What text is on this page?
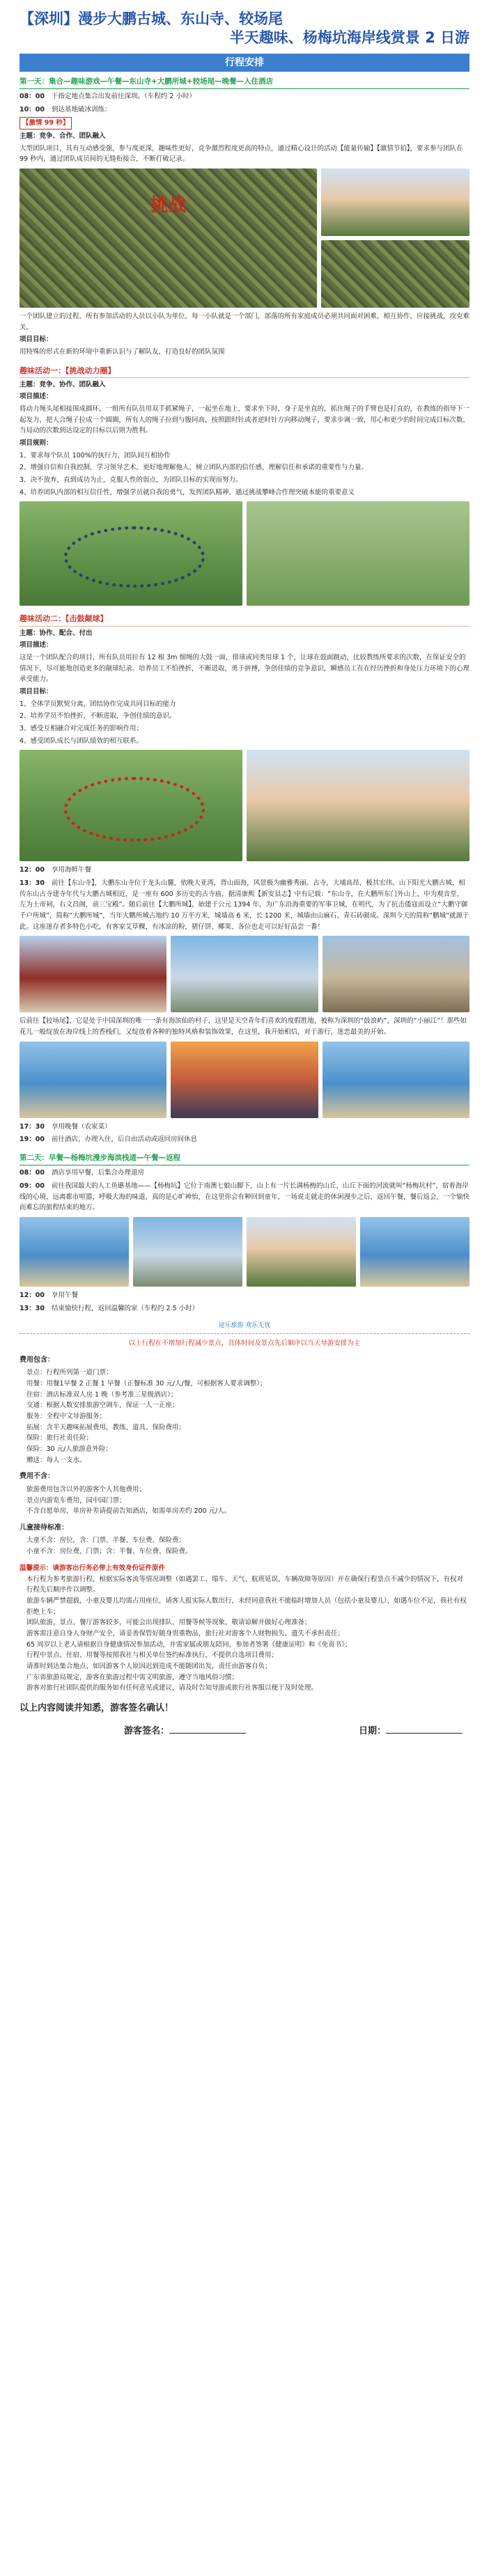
【深圳】漫步大鹏古城、东山寺、较场尾
半天趣味、杨梅坑海岸线赏景 2 日游
行程安排
第一天：集合—趣味游戏—午餐—东山寺+大鹏所城+较场尾—晚餐—入住酒店
08：00 于指定地点集合出发前往深圳。（车程约 2 小时）
10：00 到达基地破冰训练：
【激情 99 秒】

主题：竞争、合作、团队融入

大型团队项目，具有互动感受强，参与度更深，趣味性更好，竞争激烈程度更高的特点，通过精心设计的活动【能量传输】【激情节拍】，要求参与团队在 99 秒内，通过团队成员间的无缝衔接合，不断打破记录。

挑战

一个团队建立的过程，所有参加活动的人员以小队为单位，每一小队就是一个部门，部落的所有家庭成员必须共同面对困难，相互协作，应接挑战，攻克难关。

项目目标：

用特殊的形式在新的环境中重新认识与了解队友，打造良好的团队氛围

趣味活动一：【挑战动力圈】

主题：竞争、协作、团队融入

项目描述：

将动力绳头尾相接围成圆环，一组所有队员用双手抓紧绳子，一起坐在地上，要求坐下时，身子是坐直的，抓住绳子的手臂也是打直的，在教练的指导下一起发力，把人合绳子拉成一个圆圈，所有人的绳子拉到与腹同高，按照跟时针或者逆时针方向移动绳子，要求步调一致，用心和更少的时间完成目标次数，当局动的次数到达设定的目标以后则为胜利。

项目规则：

1、要求每个队员 100%的执行力，团队间互相协作

2、增强自信和自我控制，学习领导艺术，更好地理解他人，树立团队内部的信任感，理解信任和承诺的重要性与力量。

3、决不放弃，直到成功为止，克服人性的弱点，为团队目标的实现而努力。

4、培养团队内部的相互信任性，增强学员就自我的勇气，发挥团队精神，通过挑战攀峰合作理突破本能的重要意义

趣味活动二：【击鼓颠球】

主题：协作、配合、付出

项目描述：

这是一个团队配合的项目，所有队员用拉有 12 根 3m 细绳的大鼓一面，排球或同类用球 1 个，让球在鼓面跳动，比较教练所要求的次数，在保证安全的情况下，尽可能地创造更多的颠球纪录。培养员工不怕挫折，不断进取，勇于拼搏，争创佳绩的竞争意识，瞬感员工在在经历挫折和身处压力环境下的心理承受能力。

项目目标：

1、全体学员默契分离，团结协作完成共同目标的能力

2、培养学员不怕挫折，不断进取，争创佳绩的意识。

3、感受互相融合对完成任务的影响作用；

4、感受团队成长与团队绩效的相互联系。

12：00 享用海鲜午餐
13：30 前往【东山寺】，大鹏东山寺位于龙头山麓，依晚大亚湾，背山面海，风景极为幽雅秀丽。古寺，大埔高昂，极其宏伟。山下阳光大鹏古城，相传东山古寺建寺年代与大鹏古城相近，是一座有 600 多历史的古寺庙，据清康熙【新安县志】中有记载：“东山寺，在大鹏所东门外山上，中为观音堂，左为土帝祠，右文昌阁，前三宝殿”。随后前往【大鹏所城】，始建于公元 1394 年，为广东沿海重要的军事卫城，在明代，为了抗击倭寇而设立“大鹏守御千户所城”，简称“大鹏所城”，当年大鹏所城占地约 10 万平方米，城墙高 6 米，长 1200 米，城墙由山麻石、青石砖砌成。深圳今天的简称“鹏城”就源于此。这座迷存者多特色小吃，有客家艾草粿，有冰凉的粉，猪仔饼、椰果、各位也走可以好好品尝一番！

后前往【较场尾】，它是处于中国深圳的唯一一条有海滨仙的村子，这里是天空青年们喜欢的度假胜地，被称为深圳的“鼓浪屿”，深圳的“小丽江”！那些如花儿一般绽放在海岸线上的香栈们，又绽放着各种的独特风格和装饰效果，在这里，我开始相信，对于游行，迷恋最美的开始。

17：30 享用晚餐（农家菜）
19：00 前往酒店，办理入住，后自由活动或返回房间休息
第二天：早餐—杨梅坑漫步海滨栈道—午餐—返程
08：00 酒店享用早餐，后集合办理退房
09：00 前往我国最大的人工鱼礁基地——【杨梅坑】它位于南澳七娘山脚下，山上有一片长满杨梅的山丘，山丘下面的河流就叫“杨梅坑村”，宿着海岸线的心境，远离都市喧嚣，呼吸大海的味道，真的是心旷神怡，在这里你会有种回到童年，一场说走就走的休闲漫步之后，返回午餐，餐后返会，一个愉快而难忘的旅程结束的地方。
12：00 享用午餐
13：30 结束愉快行程，返回温馨的家（车程约 2.5 小时）
途乐旅游 欢乐无忧
以上行程在不增加行程减少景点，具体时间及景点先后顺序以当天导游安排为主
费用包含：
景点：行程所列第一道门票；
用餐：用餐1早餐 2 正餐 1 早餐（正餐标准 30 元/人/餐，可根据客人要求调整）；
住宿：酒店标准双人房 1 晚（参考准三星级酒店）；
交通：根据人数安排旅游空调车，保证一人一正座；
服务：全程中文导游服务；
拓展：含半天趣味拓展费用，教练、道具、保险费用；
保险：旅行社责任险；
保险：30 元/人旅游意外险；
赠送：每人一支水。
费用不含：
旅游费用包含以外的游客个人其他费用；
景点内游览车费用，园中园门票；
不含自愿单房，单房补差请提前告知酒店，如需单房差约 200 元/人。
儿童接待标准：
大童不含：房位，含：门票、半餐、车位费、保险费；
小童不含：房位费、门票；含：半餐、车位费、保险费。
温馨提示：请游客出行务必带上有效身份证件原件
本行程为参考旅游行程，根据实际客流等情况调整（如遇罢工、塌车、天气、航班延误、车辆故障等原因）并在确保行程景点不减少的情况下，有权对行程先后顺序作以调整。
旅游车辆严禁超载，小童及婴儿均需占用座位，请客人报实际人数出行，未经同意我社不能临时增加人员（包括小童及婴儿），如遇车位不足，我社有权拒绝上车；
团队旅游，景点、餐厅游客较多，可能会出现排队、用餐等候等现象，敬请谅解并做好心理准备；
游客需注意自身人身财产安全，请妥善保管好随身贵重物品，旅行社对游客个人财物损失、遗失不承担责任；
65 周岁以上老人请根据自身健康情况参加活动，并需家属或朋友陪同，参加者签署《健康证明》和《免责书》；
行程中景点、住宿、用餐等按照我社与相关单位签约标准执行，不提供自选项目费用；
请准时到达集合地点，如因游客个人原因迟到造成不能随团出发，责任由游客自负；
广东省旅游局规定，游客在旅游过程中需文明旅游，遵守当地风俗习惯；
游客对旅行社团队提供的服务如有任何意见或建议，请及时告知导游或旅行社客服以便于及时处理。
以上内容阅读并知悉，游客签名确认！
游客签名：	日期：
